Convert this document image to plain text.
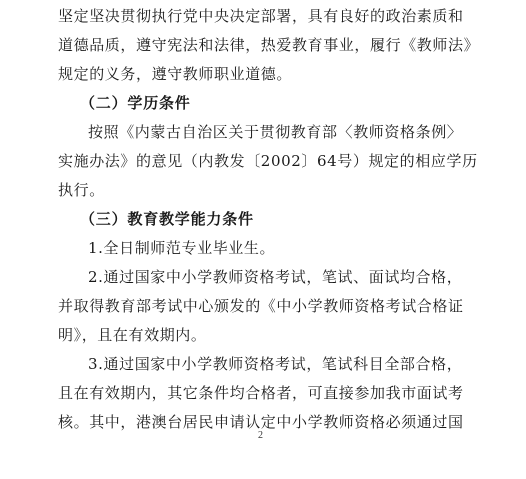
坚定坚决贯彻执行党中央决定部署，具有良好的政治素质和
道德品质，遵守宪法和法律，热爱教育事业，履行《教师法》
规定的义务，遵守教师职业道德。
（二）学历条件
按照《内蒙古自治区关于贯彻教育部〈教师资格条例〉
实施办法》的意见（内教发〔2002〕64号）规定的相应学历
执行。
（三）教育教学能力条件
1.全日制师范专业毕业生。
2.通过国家中小学教师资格考试，笔试、面试均合格，
并取得教育部考试中心颁发的《中小学教师资格考试合格证
明》，且在有效期内。
3.通过国家中小学教师资格考试，笔试科目全部合格，
且在有效期内，其它条件均合格者，可直接参加我市面试考
核。其中，港澳台居民申请认定中小学教师资格必须通过国
2
